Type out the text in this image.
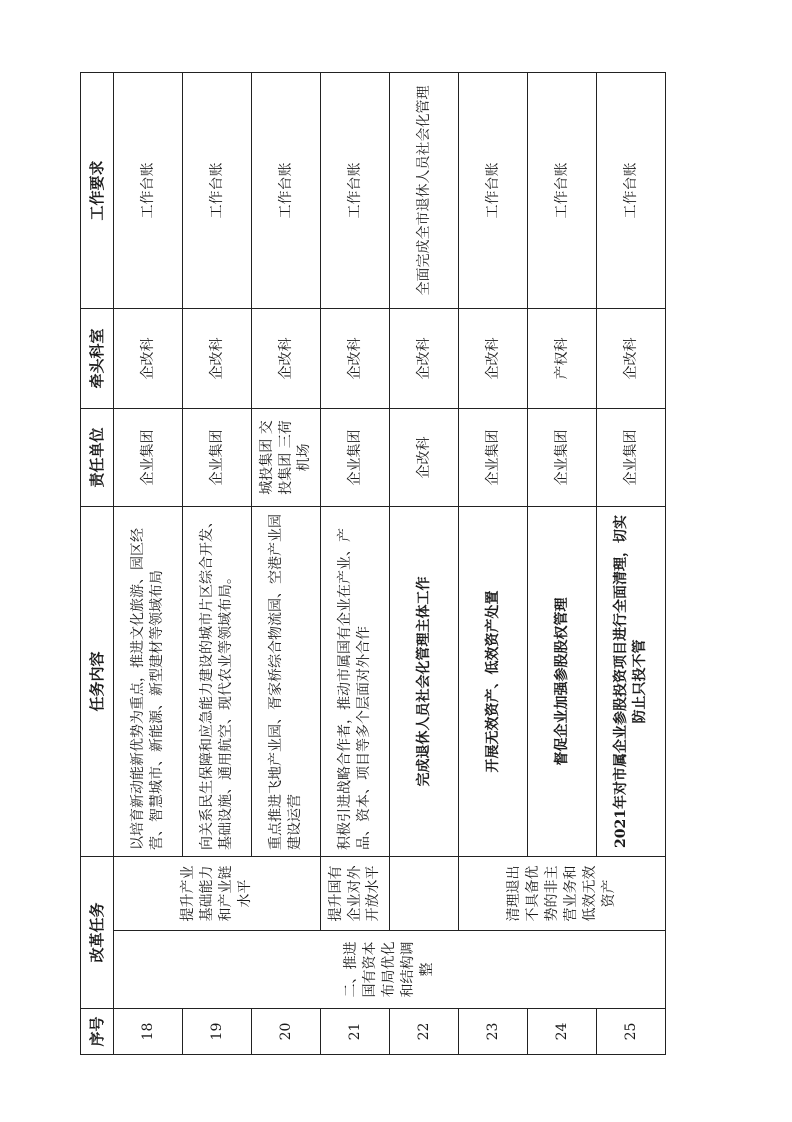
序号	改革任务		任务内容	责任单位	牵头科室	工作要求
18	二、推进国有资本布局优化和结构调整	提升产业基础能力和产业链水平	以培育新动能新优势为重点，推进文化旅游、园区经营、智慧城市、新能源、新型建材等领域布局	企业集团	企改科	工作台账
19			向关系民生保障和应急能力建设的城市片区综合开发、基础设施、通用航空、现代农业等领域布局。	企业集团	企改科	工作台账
20			重点推进飞地产业园、胥家桥综合物流园、空港产业园建设运营	城投集团 交投集团 三荷机场	企改科	工作台账
21		提升国有企业对外开放水平	积极引进战略合作者，推动市属国有企业在产业、产品、资本、项目等多个层面对外合作	企业集团	企改科	工作台账
22			完成退休人员社会化管理主体工作	企改科	企改科	全面完成全市退休人员社会化管理
23		清理退出不具备优势的非主营业务和低效无效资产	开展无效资产、低效资产处置	企业集团	企改科	工作台账
24			督促企业加强参股股权管理	企业集团	产权科	工作台账
25			2021年对市属企业参股投资项目进行全面清理，切实防止只投不管	企业集团	企改科	工作台账
